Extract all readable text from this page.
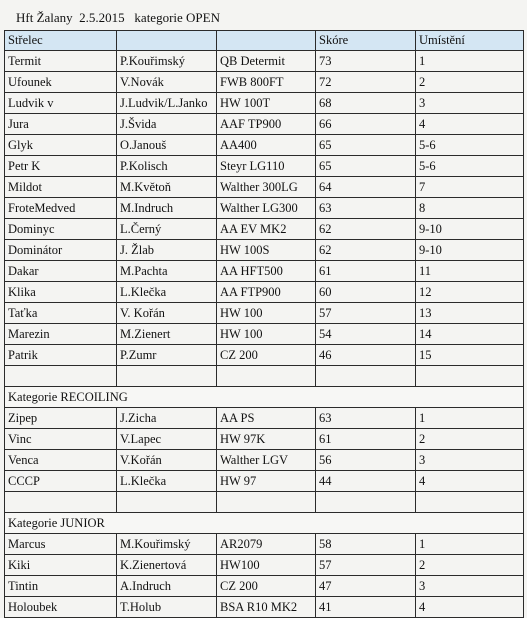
Hft Žalany  2.5.2015   kategorie OPEN
Střelec			Skóre	Umístění
Termit	P.Kouřimský	QB Determit	73	1
Ufounek	V.Novák	FWB 800FT	72	2
Ludvik v	J.Ludvik/L.Janko	HW 100T	68	3
Jura	J.Švida	AAF TP900	66	4
Glyk	O.Janouš	AA400	65	5-6
Petr K	P.Kolisch	Steyr LG110	65	5-6
Mildot	M.Květoň	Walther 300LG	64	7
FroteMedved	M.Indruch	Walther LG300	63	8
Dominyc	L.Černý	AA EV MK2	62	9-10
Dominátor	J. Žlab	HW 100S	62	9-10
Dakar	M.Pachta	AA HFT500	61	11
Klika	L.Klečka	AA FTP900	60	12
Taťka	V. Kořán	HW 100	57	13
Marezin	M.Zienert	HW 100	54	14
Patrik	P.Zumr	CZ 200	46	15

Kategorie RECOILING				
Zipep	J.Zicha	AA PS	63	1
Vinc	V.Lapec	HW 97K	61	2
Venca	V.Kořán	Walther LGV	56	3
CCCP	L.Klečka	HW 97	44	4

Kategorie JUNIOR				
Marcus	M.Kouřimský	AR2079	58	1
Kiki	K.Zienertová	HW100	57	2
Tintin	A.Indruch	CZ 200	47	3
Holoubek	T.Holub	BSA R10 MK2	41	4
